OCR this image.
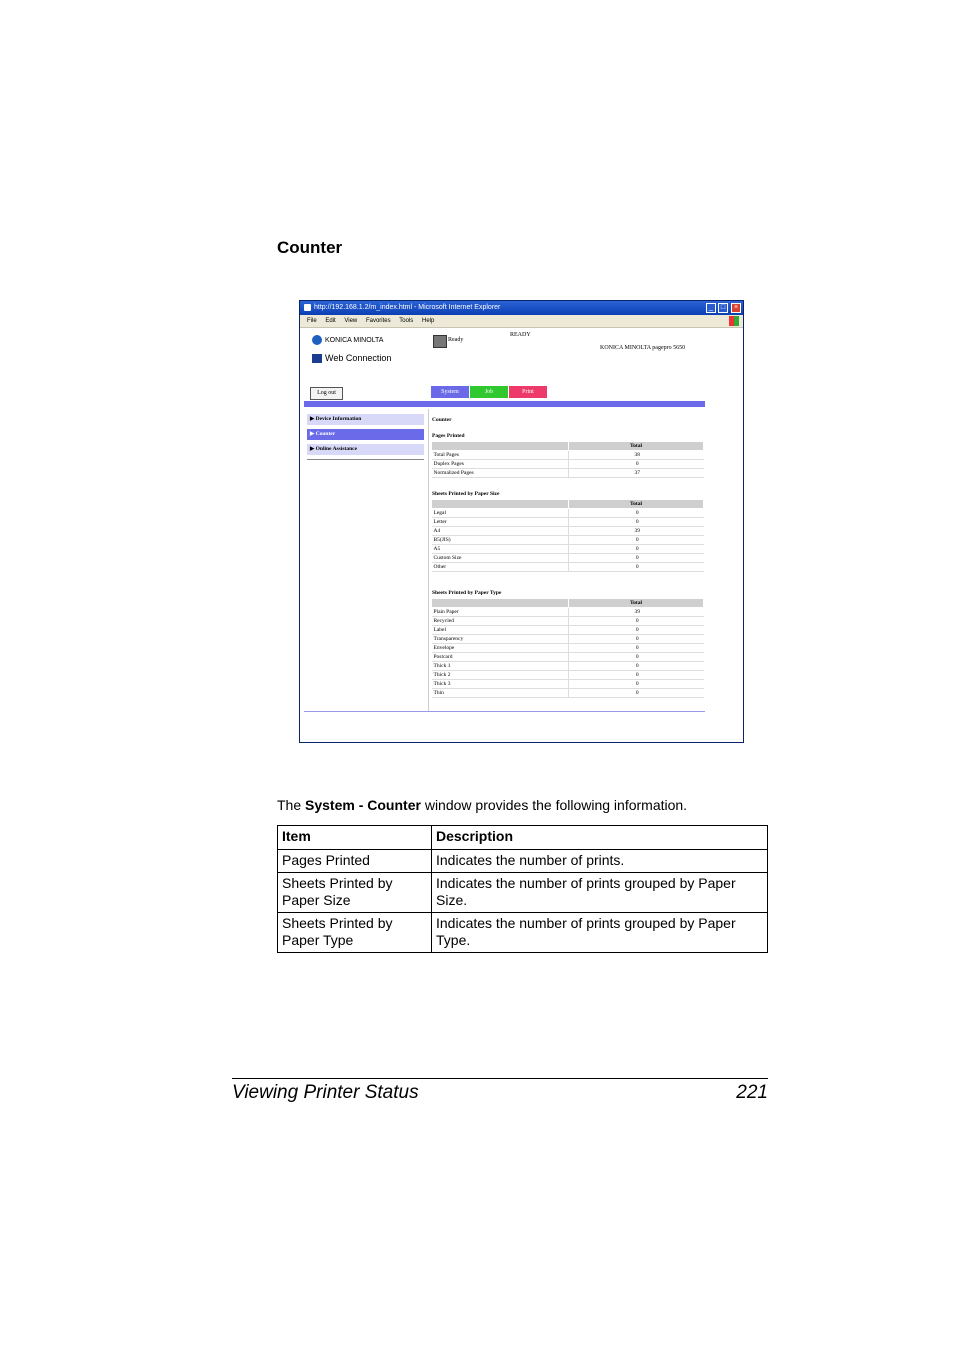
Counter
http://192.168.1.2/m_index.html - Microsoft Internet Explorer	_	□	×
File Edit View Favorites Tools Help
KONICA MINOLTA
Web Connection
Ready
READY
KONICA MINOLTA pagepro 5650
Log out	System	Job	Print
▶ Device Information
▶ Counter
▶ Online Assistance
Counter
Pages Printed
	Total
Total Pages	38
Duplex Pages	0
Normalized Pages	37
Sheets Printed by Paper Size
	Total
Legal	0
Letter	0
A4	39
B5(JIS)	0
A5	0
Custom Size	0
Other	0
Sheets Printed by Paper Type
	Total
Plain Paper	39
Recycled	0
Label	0
Transparency	0
Envelope	0
Postcard	0
Thick 1	0
Thick 2	0
Thick 3	0
Thin	0
The System - Counter window provides the following information.
Item	Description
Pages Printed	Indicates the number of prints.
Sheets Printed by Paper Size	Indicates the number of prints grouped by Paper Size.
Sheets Printed by Paper Type	Indicates the number of prints grouped by Paper Type.
Viewing Printer Status	221
